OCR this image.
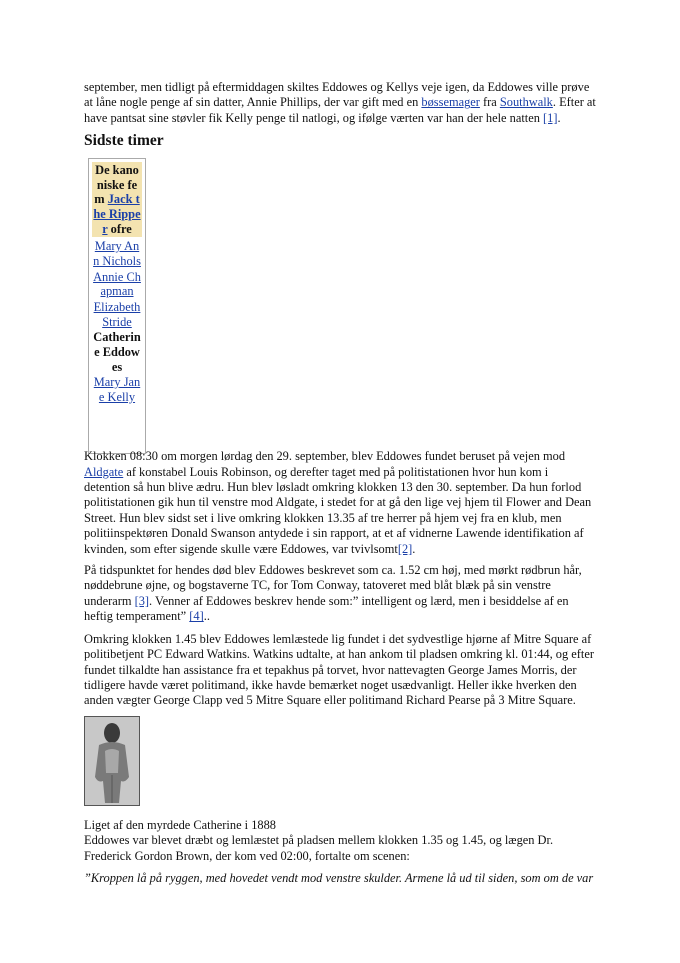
september, men tidligt på eftermiddagen skiltes Eddowes og Kellys veje igen, da Eddowes ville prøve at låne nogle penge af sin datter, Annie Phillips, der var gift med en bøssemager fra Southwalk. Efter at have pantsat sine støvler fik Kelly penge til natlogi, og ifølge værten var han der hele natten [1].

Sidste timer
De kanoniske fem Jack the Ripper ofre
Mary Ann Nichols
Annie Chapman
Elizabeth Stride
Catherine Eddowes
Mary Jane Kelly

Klokken 08:30 om morgen lørdag den 29. september, blev Eddowes fundet beruset på vejen mod Aldgate af konstabel Louis Robinson, og derefter taget med på politistationen hvor hun kom i detention så hun blive ædru. Hun blev løsladt omkring klokken 13 den 30. september. Da hun forlod politistationen gik hun til venstre mod Aldgate, i stedet for at gå den lige vej hjem til Flower and Dean Street. Hun blev sidst set i live omkring klokken 13.35 af tre herrer på hjem vej fra en klub, men politiinspektøren Donald Swanson antydede i sin rapport, at et af vidnerne Lawende identifikation af kvinden, som efter sigende skulle være Eddowes, var tvivlsomt[2].

På tidspunktet for hendes død blev Eddowes beskrevet som ca. 1.52 cm høj, med mørkt rødbrun hår, nøddebrune øjne, og bogstaverne TC, for Tom Conway, tatoveret med blåt blæk på sin venstre underarm [3]. Venner af Eddowes beskrev hende som:” intelligent og lærd, men i besiddelse af en heftig temperament” [4]..

Omkring klokken 1.45 blev Eddowes lemlæstede lig fundet i det sydvestlige hjørne af Mitre Square af politibetjent PC Edward Watkins. Watkins udtalte, at han ankom til pladsen omkring kl. 01:44, og efter fundet tilkaldte han assistance fra et tepakhus på torvet, hvor nattevagten George James Morris, der tidligere havde været politimand, ikke havde bemærket noget usædvanligt. Heller ikke hverken den anden vægter George Clapp ved 5 Mitre Square eller politimand Richard Pearse på 3 Mitre Square.

Liget af den myrdede Catherine i 1888

Eddowes var blevet dræbt og lemlæstet på pladsen mellem klokken 1.35 og 1.45, og lægen Dr. Frederick Gordon Brown, der kom ved 02:00, fortalte om scenen:

”Kroppen lå på ryggen, med hovedet vendt mod venstre skulder. Armene lå ud til siden, som om de var
